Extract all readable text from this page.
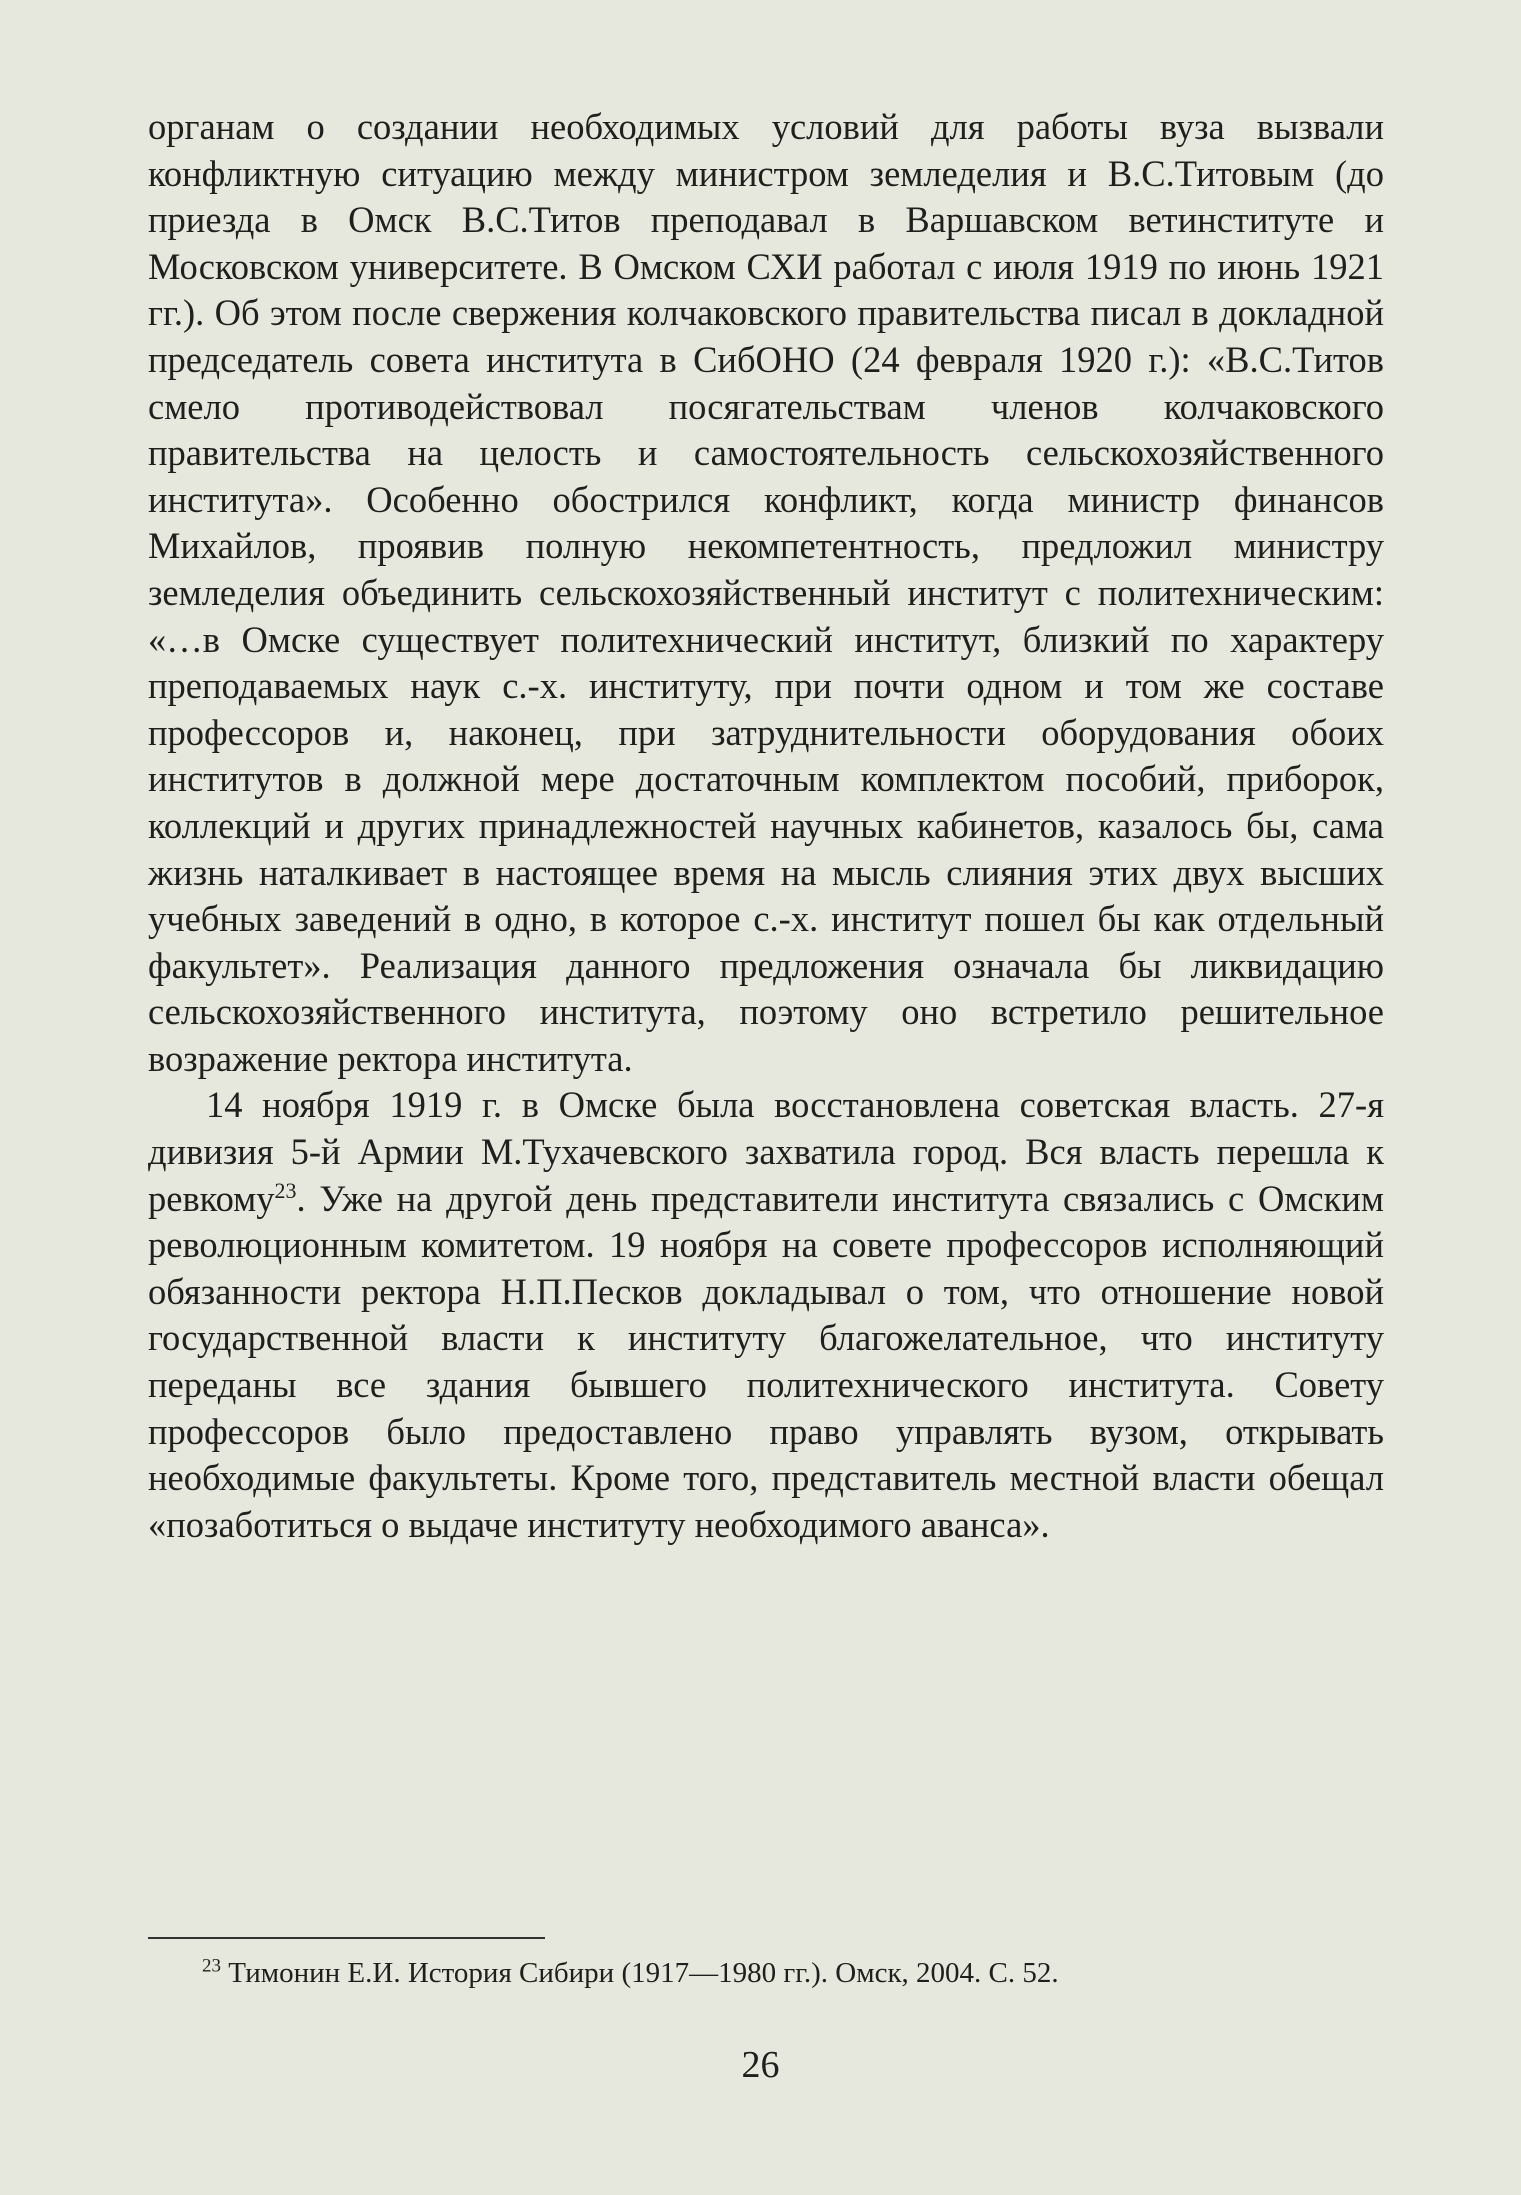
органам о создании необходимых условий для работы вуза вызвали конфликтную ситуацию между министром земледелия и В.С.Титовым (до приезда в Омск В.С.Титов преподавал в Варшавском ветинституте и Московском университете. В Омском СХИ работал с июля 1919 по июнь 1921 гг.). Об этом после свержения колчаковского правительства писал в докладной председатель совета института в СибОНО (24 февраля 1920 г.): «В.С.Титов смело противодействовал посягательствам членов колчаковского правительства на целость и самостоятельность сельскохозяйственного института». Особенно обострился конфликт, когда министр финансов Михайлов, проявив полную некомпетентность, предложил министру земледелия объединить сельскохозяйственный институт с политехническим: «…в Омске существует политехнический институт, близкий по характеру преподаваемых наук с.-х. институту, при почти одном и том же составе профессоров и, наконец, при затруднительности оборудования обоих институтов в должной мере достаточным комплектом пособий, приборок, коллекций и других принадлежностей научных кабинетов, казалось бы, сама жизнь наталкивает в настоящее время на мысль слияния этих двух высших учебных заведений в одно, в которое с.-х. институт пошел бы как отдельный факультет». Реализация данного предложения означала бы ликвидацию сельскохозяйственного института, поэтому оно встретило решительное возражение ректора института.

14 ноября 1919 г. в Омске была восстановлена советская власть. 27-я дивизия 5-й Армии М.Тухачевского захватила город. Вся власть перешла к ревкому$^{23}$. Уже на другой день представители института связались с Омским революционным комитетом. 19 ноября на совете профессоров исполняющий обязанности ректора Н.П.Песков докладывал о том, что отношение новой государственной власти к институту благожелательное, что институту переданы все здания бывшего политехнического института. Совету профессоров было предоставлено право управлять вузом, открывать необходимые факультеты. Кроме того, представитель местной власти обещал «позаботиться о выдаче институту необходимого аванса».

$^{23}$ Тимонин Е.И. История Сибири (1917—1980 гг.). Омск, 2004. С. 52.
26
